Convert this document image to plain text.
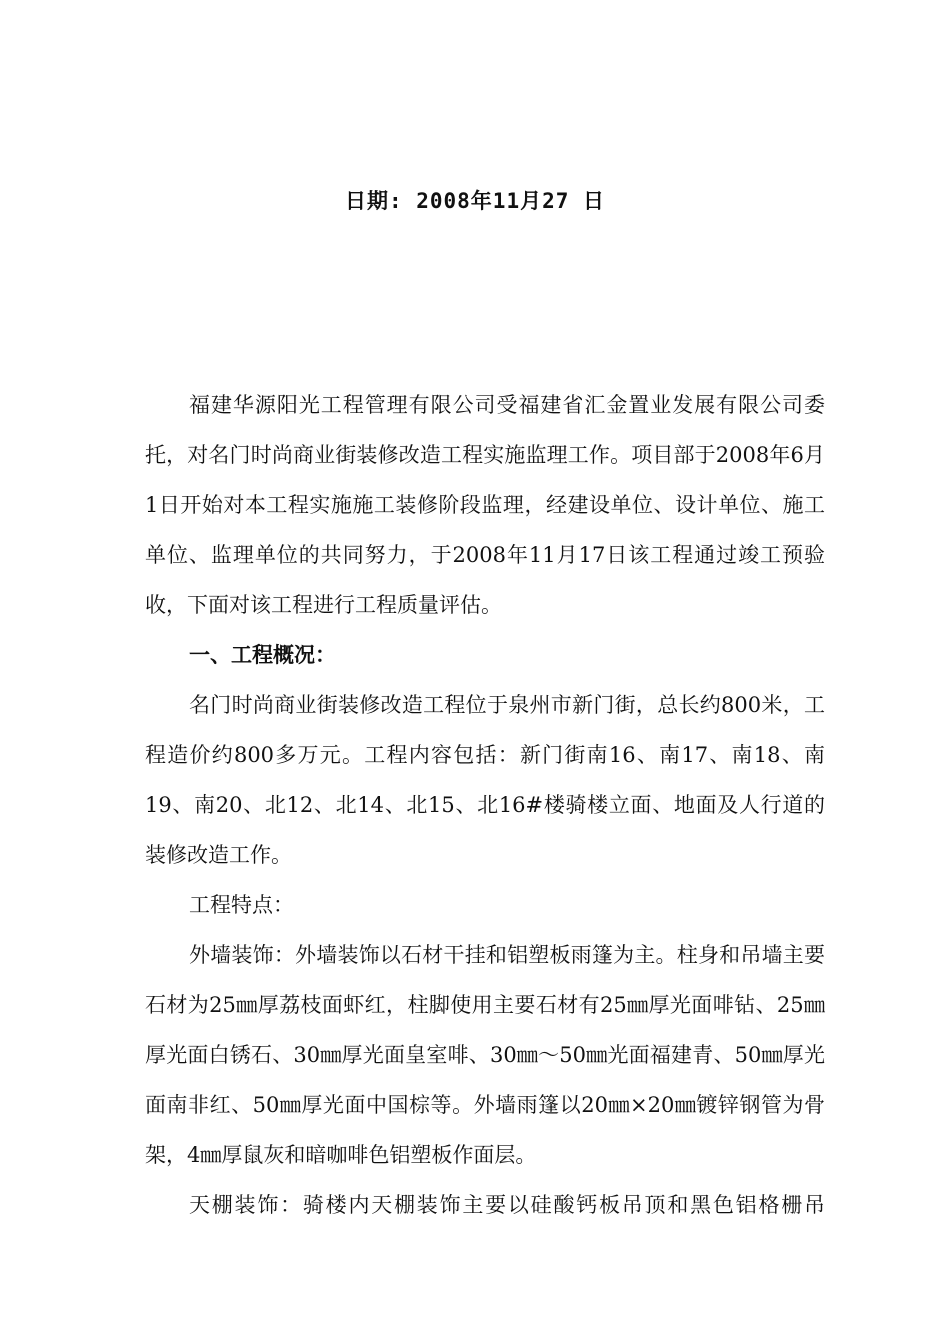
日期: 2008年11月27 日

福建华源阳光工程管理有限公司受福建省汇金置业发展有限公司委托，对名门时尚商业街装修改造工程实施监理工作。项目部于2008年6月1日开始对本工程实施施工装修阶段监理，经建设单位、设计单位、施工单位、监理单位的共同努力，于2008年11月17日该工程通过竣工预验收，下面对该工程进行工程质量评估。

一、工程概况：

名门时尚商业街装修改造工程位于泉州市新门街，总长约800米，工程造价约800多万元。工程内容包括：新门街南16、南17、南18、南19、南20、北12、北14、北15、北16#楼骑楼立面、地面及人行道的装修改造工作。

工程特点：

外墙装饰：外墙装饰以石材干挂和铝塑板雨篷为主。柱身和吊墙主要石材为25㎜厚荔枝面虾红，柱脚使用主要石材有25㎜厚光面啡钻、25㎜厚光面白锈石、30㎜厚光面皇室啡、30㎜～50㎜光面福建青、50㎜厚光面南非红、50㎜厚光面中国棕等。外墙雨篷以20㎜×20㎜镀锌钢管为骨架，4㎜厚鼠灰和暗咖啡色铝塑板作面层。

天棚装饰：骑楼内天棚装饰主要以硅酸钙板吊顶和黑色铝格栅吊
